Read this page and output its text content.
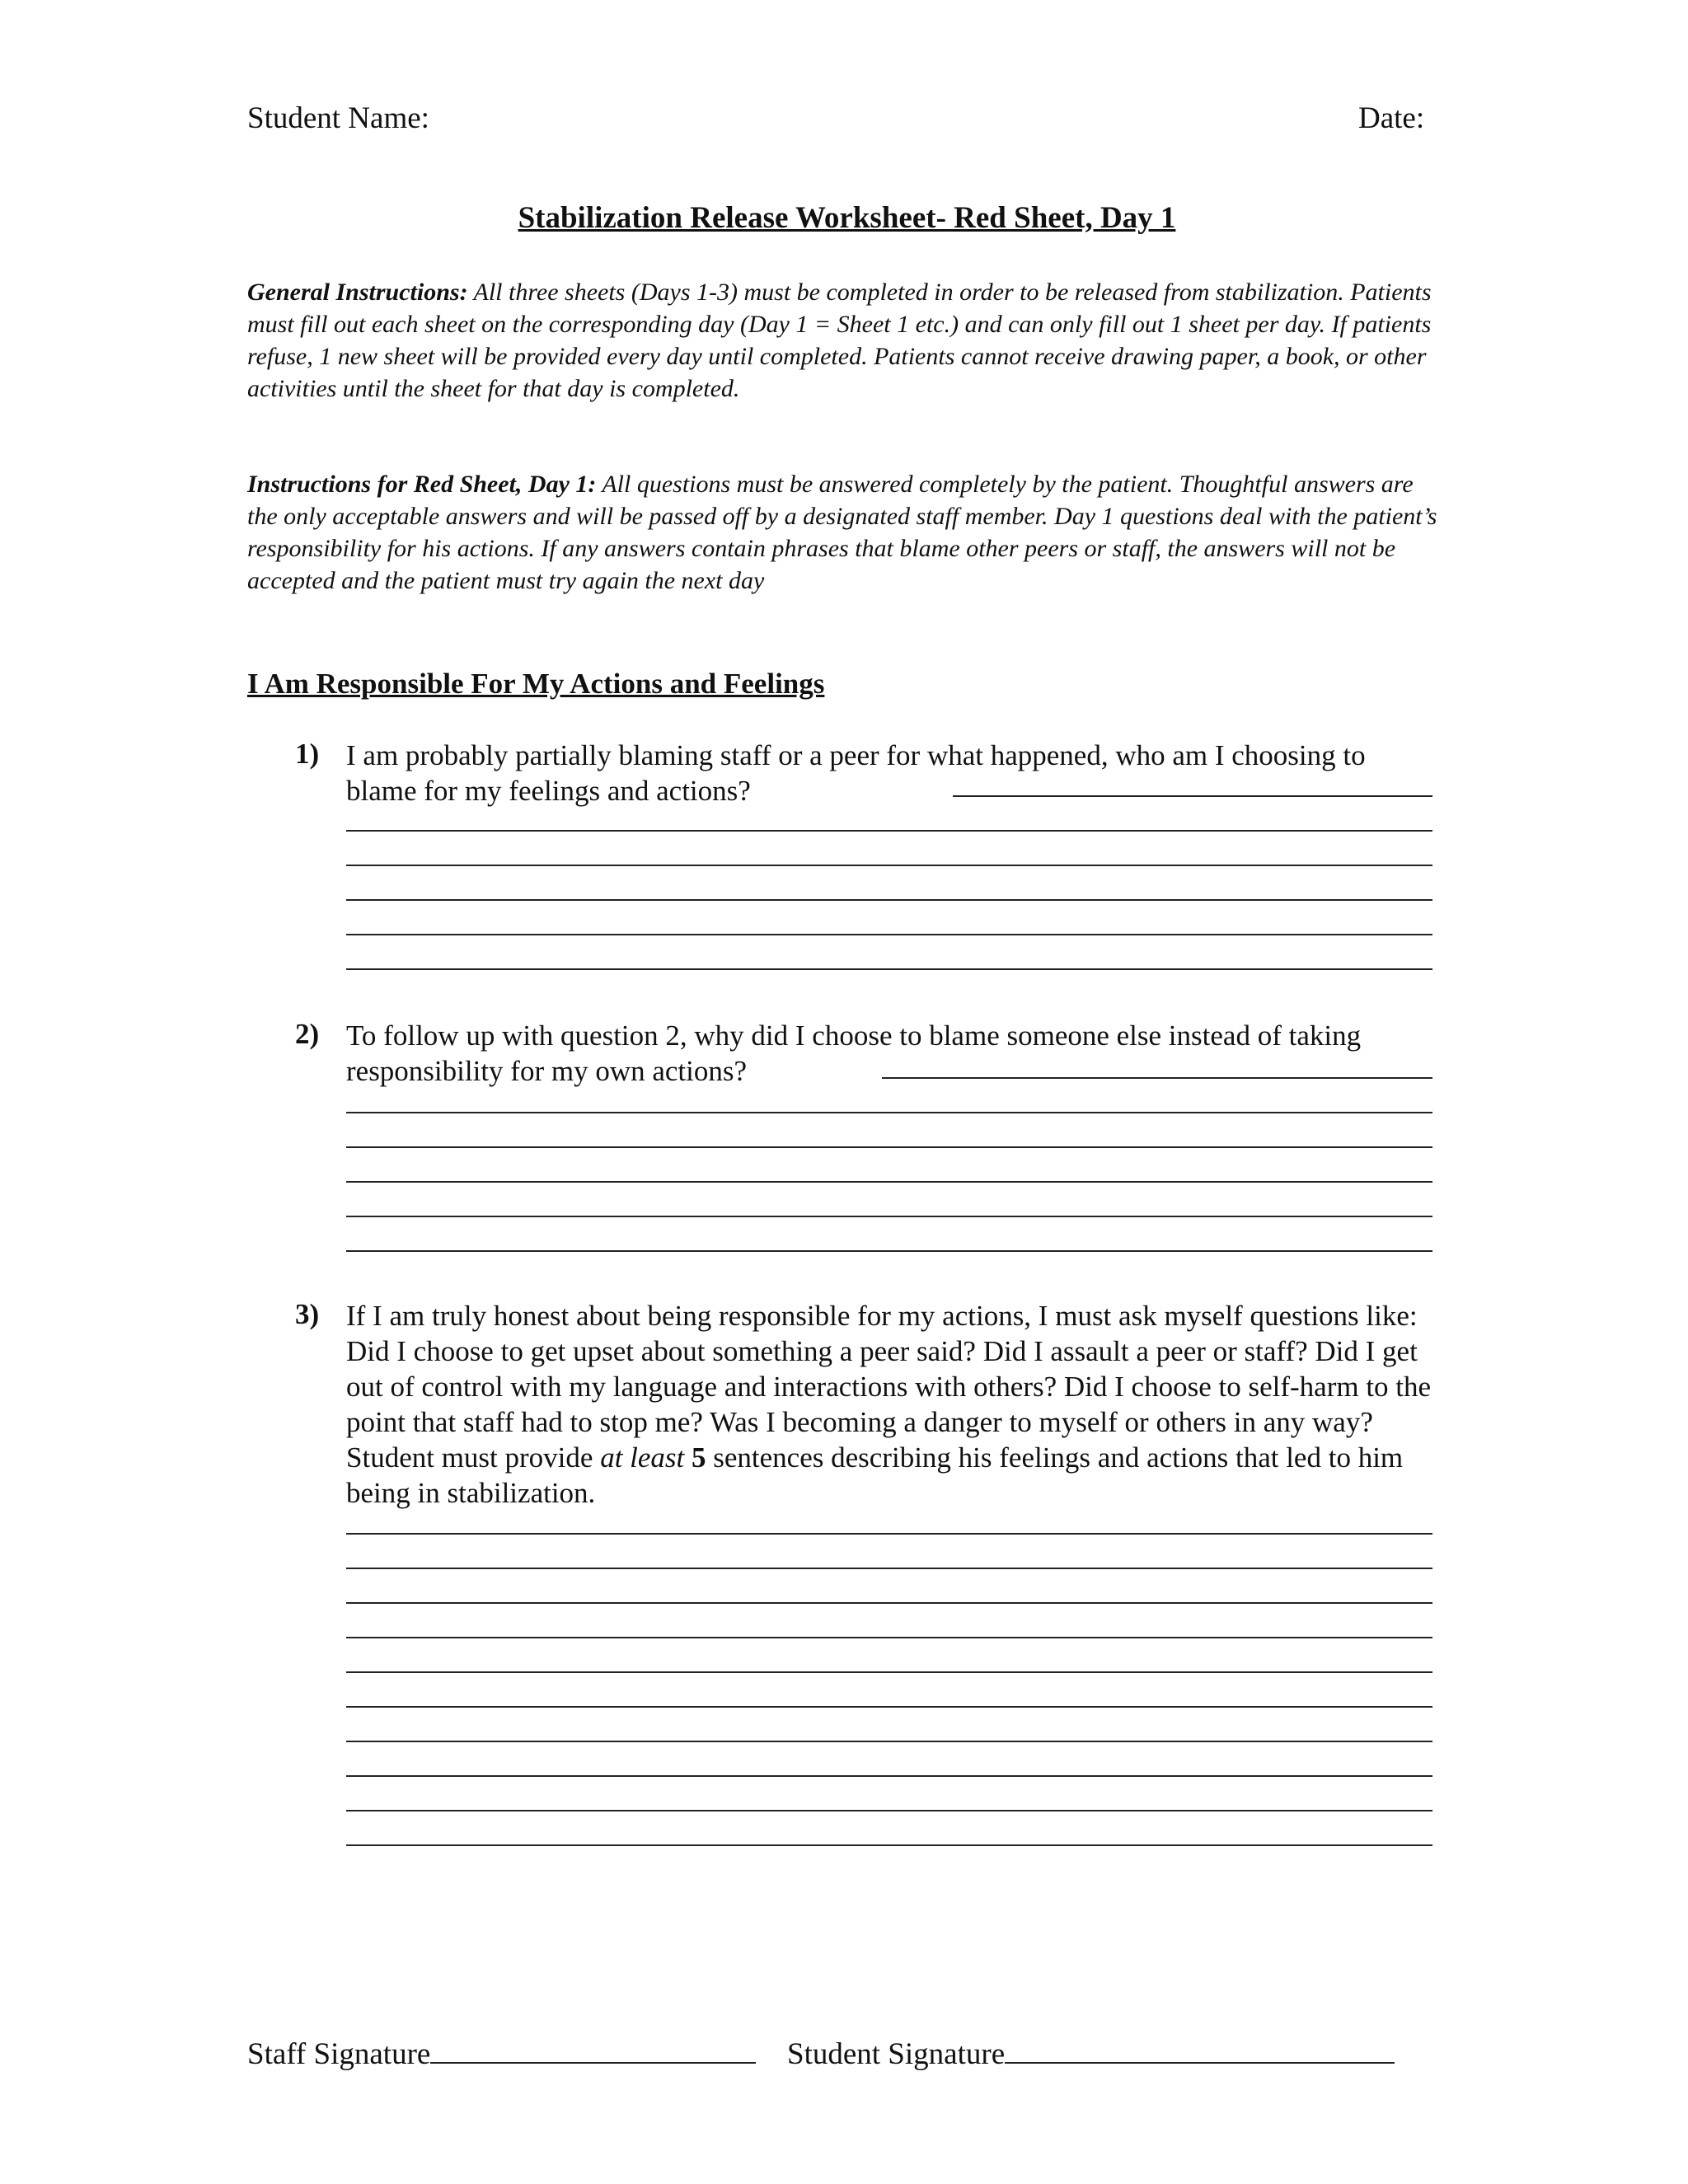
Student Name:	Date:
Stabilization Release Worksheet- Red Sheet, Day 1
General Instructions: All three sheets (Days 1-3) must be completed in order to be released from stabilization. Patients must fill out each sheet on the corresponding day (Day 1 = Sheet 1 etc.) and can only fill out 1 sheet per day. If patients refuse, 1 new sheet will be provided every day until completed. Patients cannot receive drawing paper, a book, or other activities until the sheet for that day is completed.
Instructions for Red Sheet, Day 1: All questions must be answered completely by the patient. Thoughtful answers are the only acceptable answers and will be passed off by a designated staff member. Day 1 questions deal with the patient’s responsibility for his actions. If any answers contain phrases that blame other peers or staff, the answers will not be accepted and the patient must try again the next day
I Am Responsible For My Actions and Feelings
1) I am probably partially blaming staff or a peer for what happened, who am I choosing to blame for my feelings and actions?
2) To follow up with question 2, why did I choose to blame someone else instead of taking responsibility for my own actions?
3) If I am truly honest about being responsible for my actions, I must ask myself questions like: Did I choose to get upset about something a peer said? Did I assault a peer or staff? Did I get out of control with my language and interactions with others? Did I choose to self-harm to the point that staff had to stop me? Was I becoming a danger to myself or others in any way? Student must provide at least 5 sentences describing his feelings and actions that led to him being in stabilization.
Staff Signature	Student Signature
